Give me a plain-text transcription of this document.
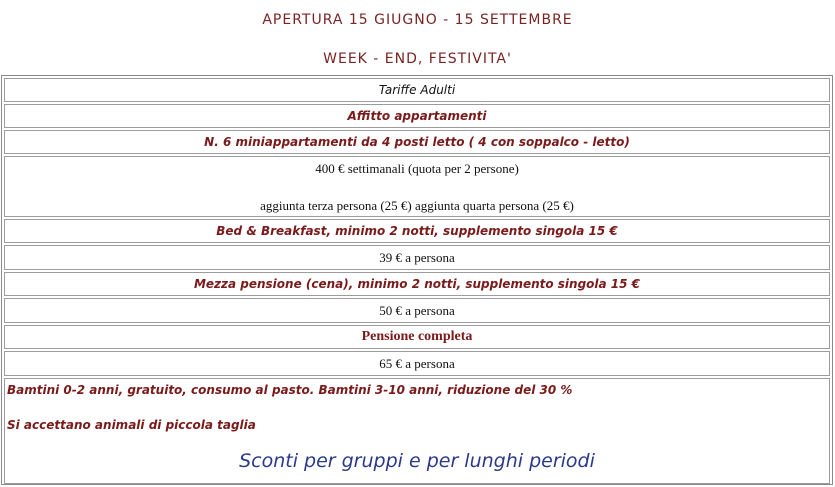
APERTURA 15 GIUGNO - 15 SETTEMBRE
WEEK - END, FESTIVITA'
Tariffe Adulti
Affitto appartamenti
N. 6 miniappartamenti da 4 posti letto ( 4 con soppalco - letto)
400 € settimanali (quota per 2 persone)
aggiunta terza persona (25 €) aggiunta quarta persona (25 €)
Bed & Breakfast, minimo 2 notti, supplemento singola 15 €
39 € a persona
Mezza pensione (cena), minimo 2 notti, supplemento singola 15 €
50 € a persona
Pensione completa
65 € a persona
Bamtini 0-2 anni, gratuito, consumo al pasto. Bamtini 3-10 anni, riduzione del 30 %
Si accettano animali di piccola taglia
Sconti per gruppi e per lunghi periodi
